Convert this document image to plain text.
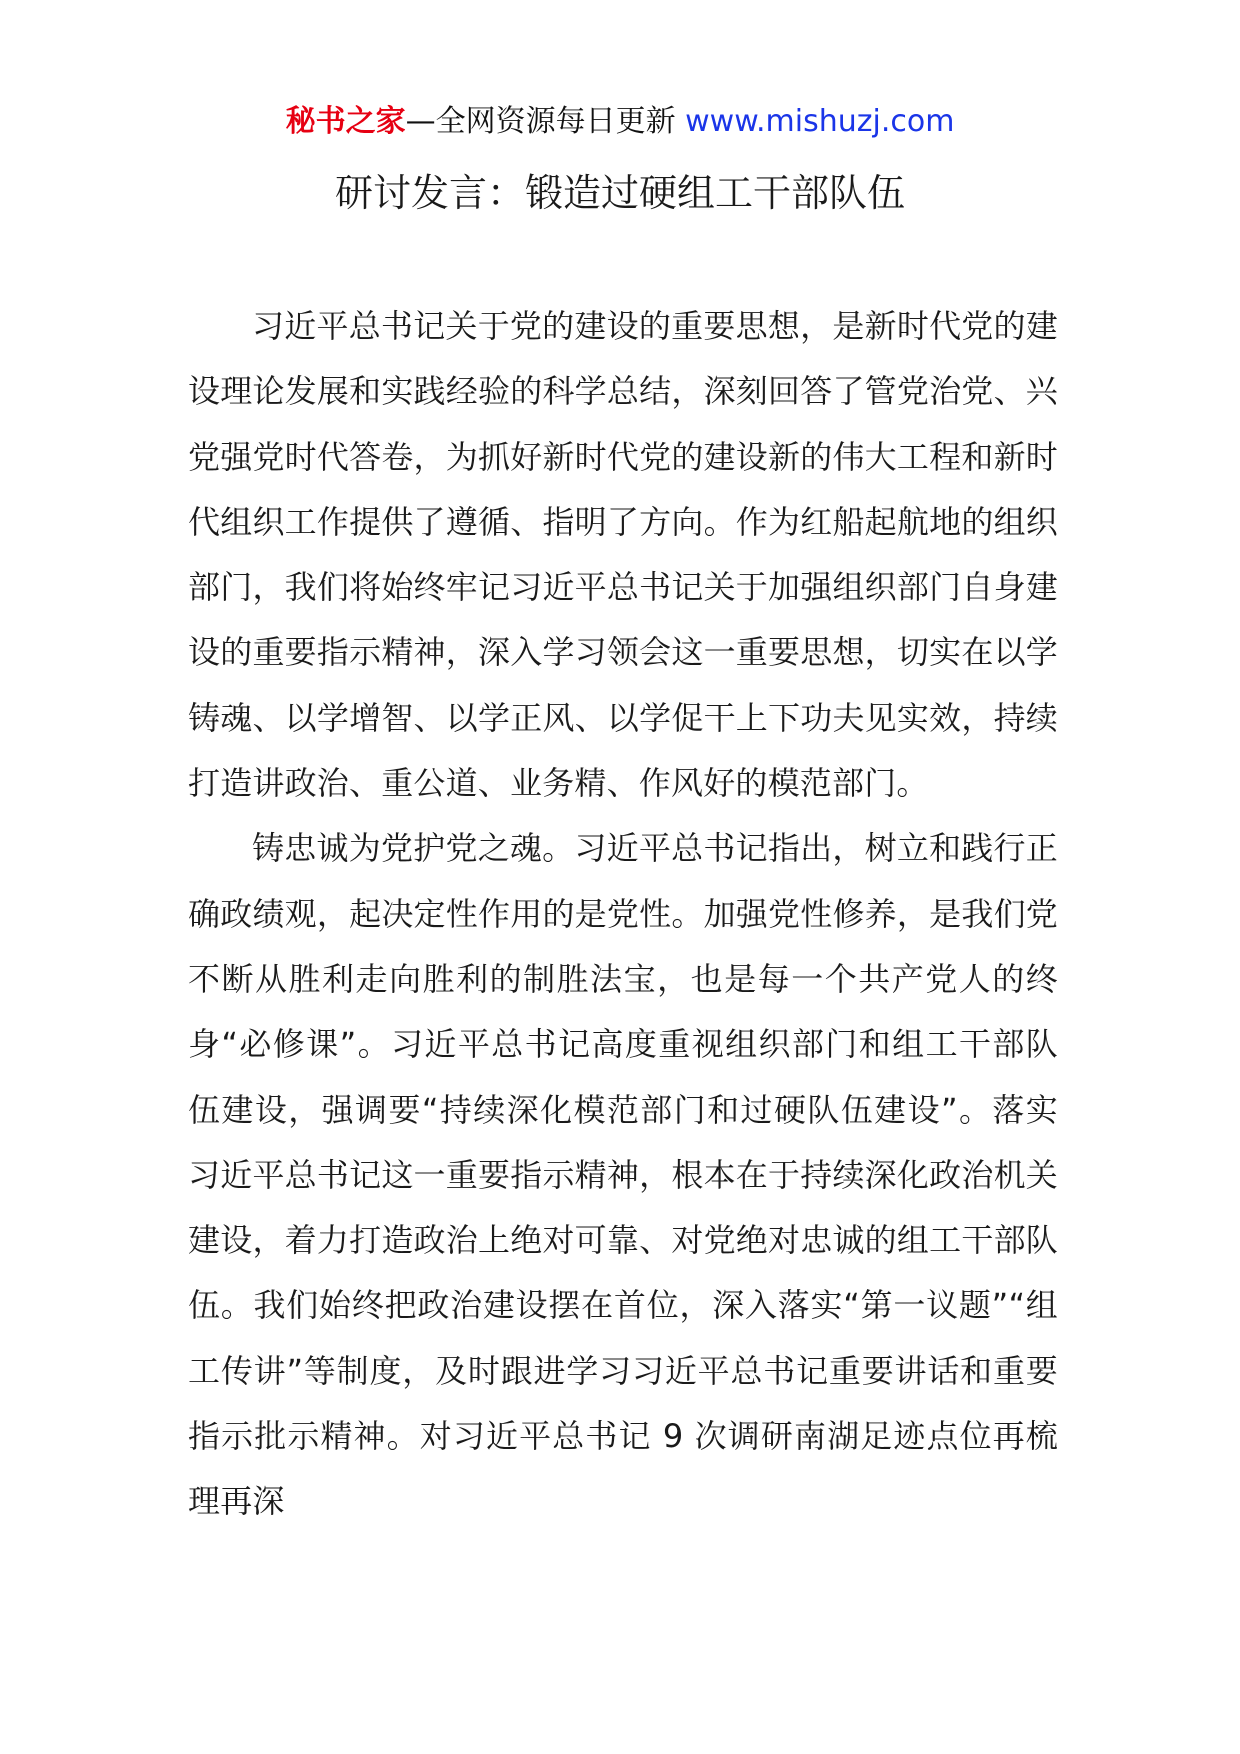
秘书之家—全网资源每日更新 www.mishuzj.com
研讨发言：锻造过硬组工干部队伍

习近平总书记关于党的建设的重要思想，是新时代党的建设理论发展和实践经验的科学总结，深刻回答了管党治党、兴党强党时代答卷，为抓好新时代党的建设新的伟大工程和新时代组织工作提供了遵循、指明了方向。作为红船起航地的组织部门，我们将始终牢记习近平总书记关于加强组织部门自身建设的重要指示精神，深入学习领会这一重要思想，切实在以学铸魂、以学增智、以学正风、以学促干上下功夫见实效，持续打造讲政治、重公道、业务精、作风好的模范部门。

铸忠诚为党护党之魂。习近平总书记指出，树立和践行正确政绩观，起决定性作用的是党性。加强党性修养，是我们党不断从胜利走向胜利的制胜法宝，也是每一个共产党人的终身“必修课”。习近平总书记高度重视组织部门和组工干部队伍建设，强调要“持续深化模范部门和过硬队伍建设”。落实习近平总书记这一重要指示精神，根本在于持续深化政治机关建设，着力打造政治上绝对可靠、对党绝对忠诚的组工干部队伍。我们始终把政治建设摆在首位，深入落实“第一议题”“组工传讲”等制度，及时跟进学习习近平总书记重要讲话和重要指示批示精神。对习近平总书记 9 次调研南湖足迹点位再梳理再深
